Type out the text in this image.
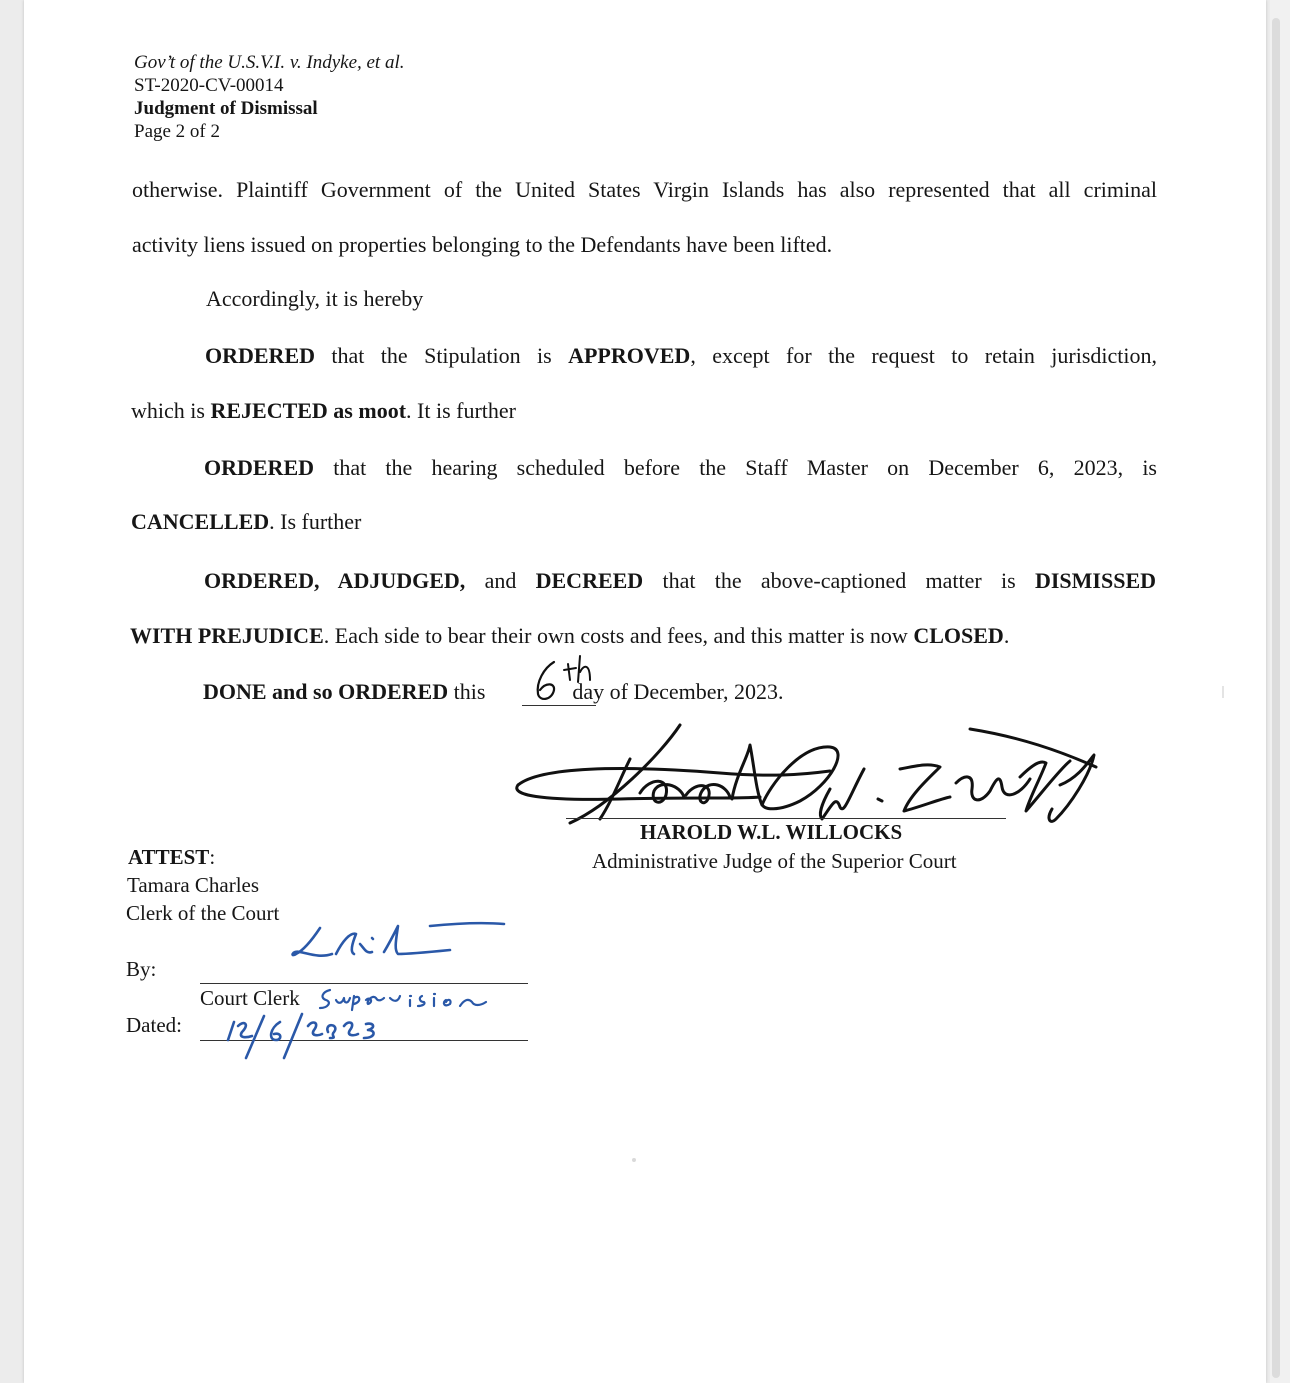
Gov’t of the U.S.V.I. v. Indyke, et al.
ST-2020-CV-00014
Judgment of Dismissal
Page 2 of 2
otherwise. Plaintiff Government of the United States Virgin Islands has also represented that all criminal
activity liens issued on properties belonging to the Defendants have been lifted.
Accordingly, it is hereby
ORDERED that the Stipulation is APPROVED, except for the request to retain jurisdiction,
which is REJECTED as moot. It is further
ORDERED that the hearing scheduled before the Staff Master on December 6, 2023, is
CANCELLED. Is further
ORDERED, ADJUDGED, and DECREED that the above-captioned matter is DISMISSED
WITH PREJUDICE. Each side to bear their own costs and fees, and this matter is now CLOSED.
DONE and so ORDERED this	day of December, 2023.
HAROLD W.L. WILLOCKS
Administrative Judge of the Superior Court
ATTEST:
Tamara Charles
Clerk of the Court
By:
Court Clerk
Dated:
